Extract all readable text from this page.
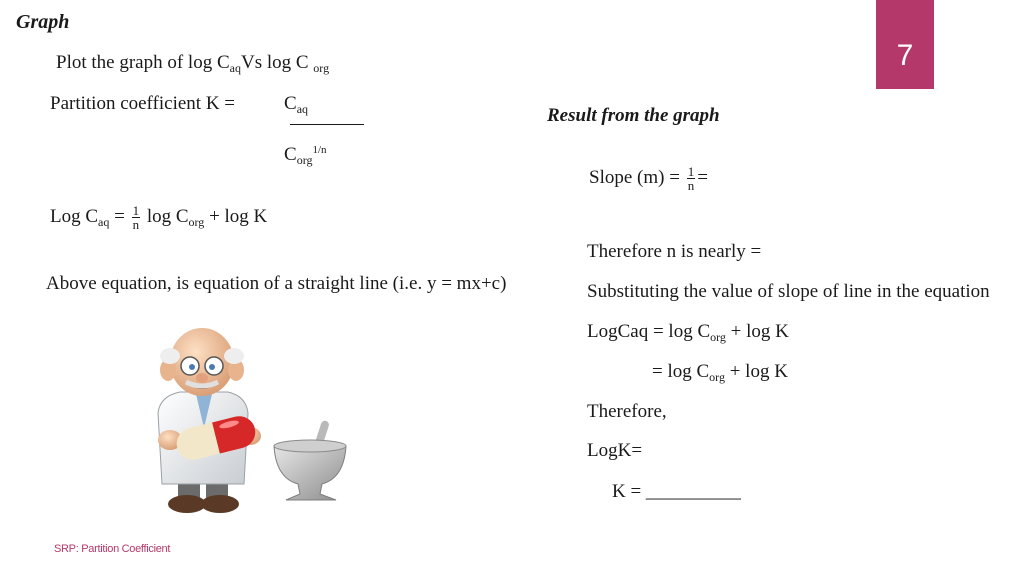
Graph
7
Plot the graph of $\log C_{aq}Vs$ log C $_{org}$
Partition coefficient K =	$C_{aq}$
$C_{org}^{1/n}$
Log $C_{aq} = \frac{1}{n}$ $\log C_{org} + \log K$
Above equation, is equation of a straight line (i.e. y = mx+c)
SRP: Partition Coefficient
Result from the graph
Slope $(m) = \frac{1}{n}$ =
Therefore n is nearly =
Substituting the value of slope of line in the equation
LogCaq = $\log C_{org} + \log K$
= $\log C_{org} + \log K$
Therefore,
LogK=
K = __________
